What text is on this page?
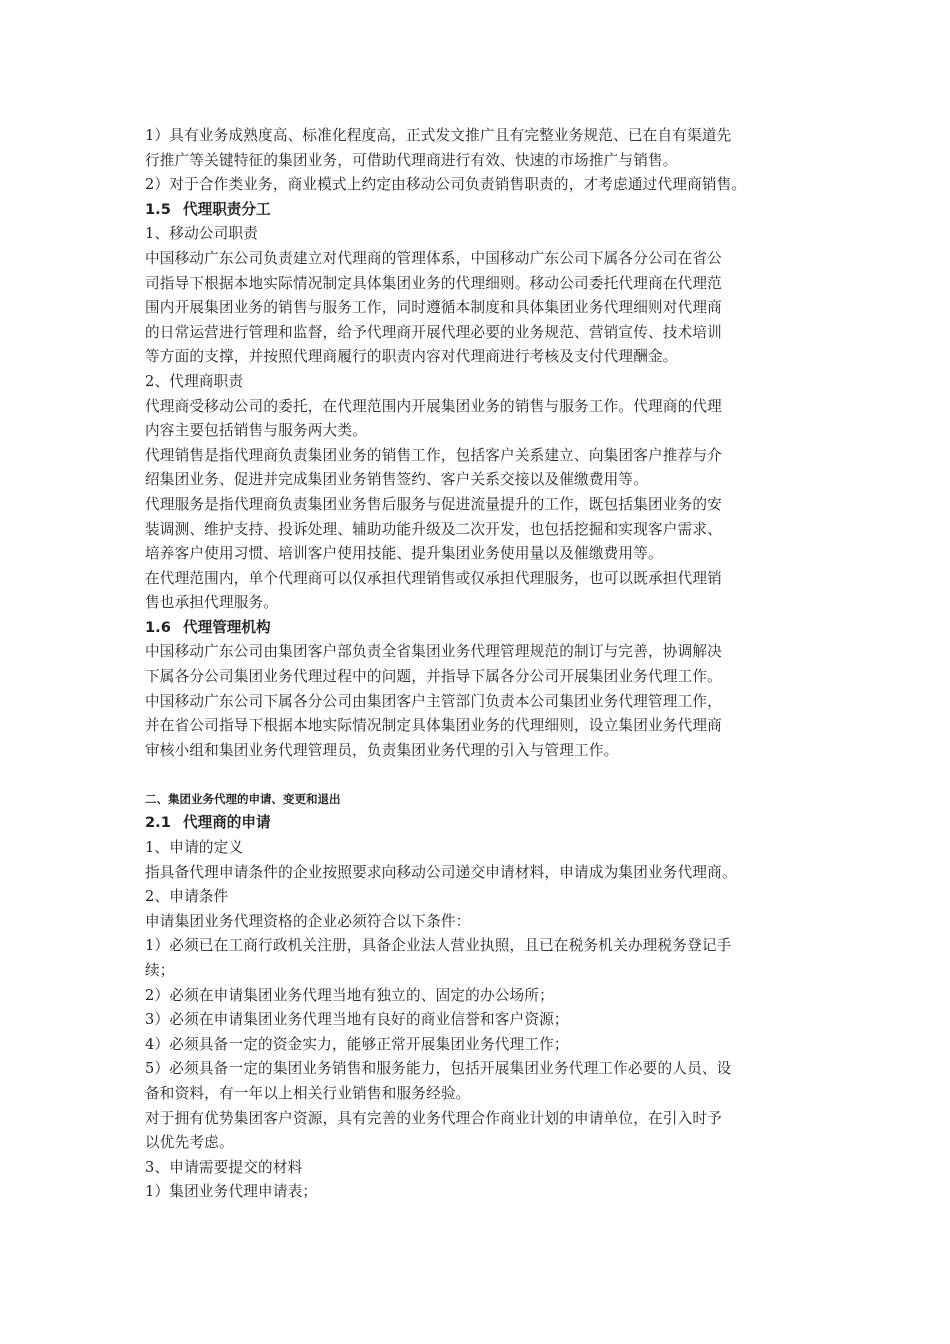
1）具有业务成熟度高、标准化程度高，正式发文推广且有完整业务规范、已在自有渠道先
行推广等关键特征的集团业务，可借助代理商进行有效、快速的市场推广与销售。
2）对于合作类业务，商业模式上约定由移动公司负责销售职责的，才考虑通过代理商销售。
1.5 代理职责分工
1、移动公司职责
中国移动广东公司负责建立对代理商的管理体系，中国移动广东公司下属各分公司在省公
司指导下根据本地实际情况制定具体集团业务的代理细则。移动公司委托代理商在代理范
围内开展集团业务的销售与服务工作，同时遵循本制度和具体集团业务代理细则对代理商
的日常运营进行管理和监督，给予代理商开展代理必要的业务规范、营销宣传、技术培训
等方面的支撑，并按照代理商履行的职责内容对代理商进行考核及支付代理酬金。
2、代理商职责
代理商受移动公司的委托，在代理范围内开展集团业务的销售与服务工作。代理商的代理
内容主要包括销售与服务两大类。
代理销售是指代理商负责集团业务的销售工作，包括客户关系建立、向集团客户推荐与介
绍集团业务、促进并完成集团业务销售签约、客户关系交接以及催缴费用等。
代理服务是指代理商负责集团业务售后服务与促进流量提升的工作，既包括集团业务的安
装调测、维护支持、投诉处理、辅助功能升级及二次开发，也包括挖掘和实现客户需求、
培养客户使用习惯、培训客户使用技能、提升集团业务使用量以及催缴费用等。
在代理范围内，单个代理商可以仅承担代理销售或仅承担代理服务，也可以既承担代理销
售也承担代理服务。
1.6 代理管理机构
中国移动广东公司由集团客户部负责全省集团业务代理管理规范的制订与完善，协调解决
下属各分公司集团业务代理过程中的问题，并指导下属各分公司开展集团业务代理工作。
中国移动广东公司下属各分公司由集团客户主管部门负责本公司集团业务代理管理工作，
并在省公司指导下根据本地实际情况制定具体集团业务的代理细则，设立集团业务代理商
审核小组和集团业务代理管理员，负责集团业务代理的引入与管理工作。
二、集团业务代理的申请、变更和退出
2.1 代理商的申请
1、申请的定义
指具备代理申请条件的企业按照要求向移动公司递交申请材料，申请成为集团业务代理商。
2、申请条件
申请集团业务代理资格的企业必须符合以下条件：
1）必须已在工商行政机关注册，具备企业法人营业执照，且已在税务机关办理税务登记手
续；
2）必须在申请集团业务代理当地有独立的、固定的办公场所；
3）必须在申请集团业务代理当地有良好的商业信誉和客户资源；
4）必须具备一定的资金实力，能够正常开展集团业务代理工作；
5）必须具备一定的集团业务销售和服务能力，包括开展集团业务代理工作必要的人员、设
备和资料，有一年以上相关行业销售和服务经验。
对于拥有优势集团客户资源，具有完善的业务代理合作商业计划的申请单位，在引入时予
以优先考虑。
3、申请需要提交的材料
1）集团业务代理申请表；
